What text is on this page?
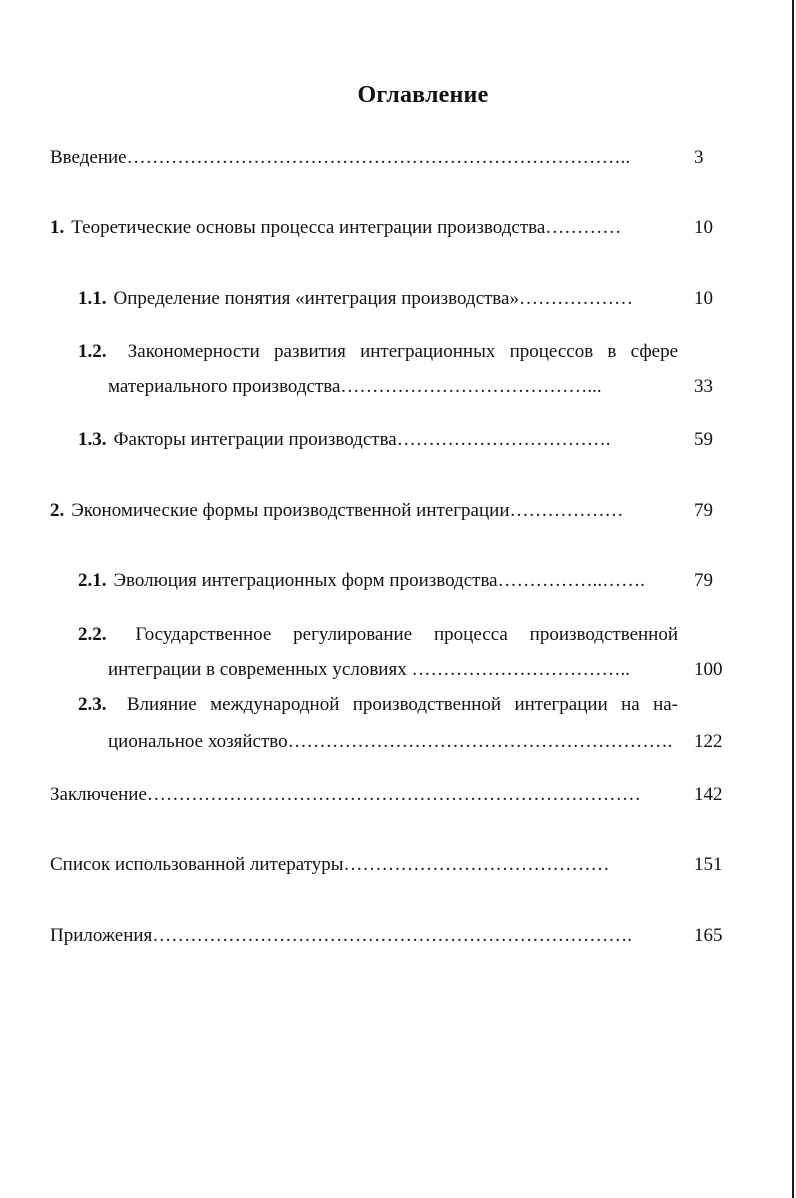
Оглавление
Введение……………………………………………………………………..	3
1. Теоретические основы процесса интеграции производства…………	10
1.1. Определение понятия «интеграция производства»………………	10
1.2. Закономерности развития интеграционных процессов в сфере
материального производства…………………………………...	33
1.3. Факторы интеграции производства…………………………….	59
2. Экономические формы производственной интеграции………………	79
2.1. Эволюция интеграционных форм производства……………..…….	79
2.2. Государственное регулирование процесса производственной
интеграции в современных условиях ……………………………..	100
2.3. Влияние международной производственной интеграции на на-
циональное хозяйство……………………………………………………. 122
Заключение……………………………………………………………………	142
Список использованной литературы……………………………………	151
Приложения………………………………………………………………….	165
